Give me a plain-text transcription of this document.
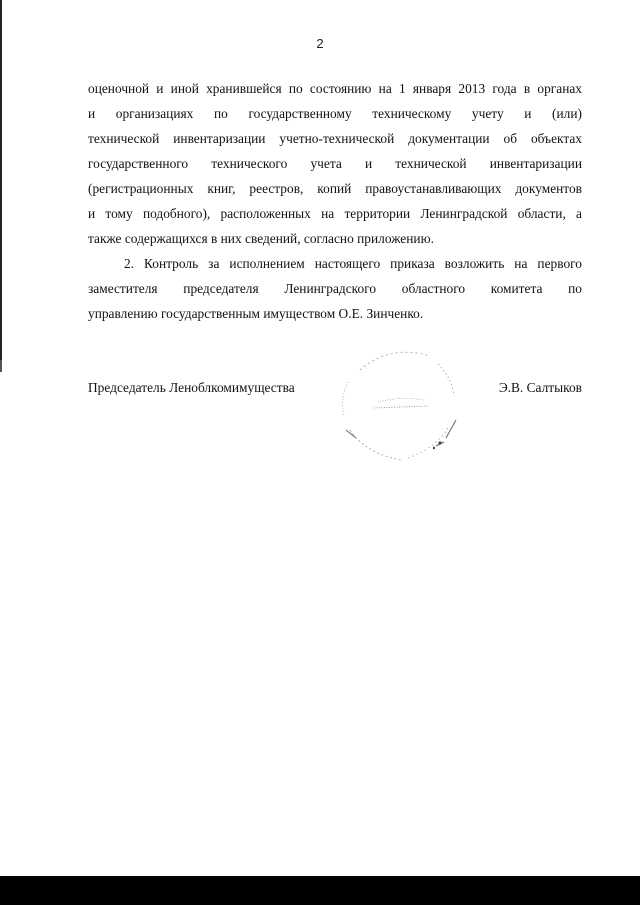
2
оценочной и иной хранившейся по состоянию на 1 января 2013 года в органах
и организациях по государственному техническому учету и (или)
технической инвентаризации учетно-технической документации об объектах
государственного технического учета и технической инвентаризации
(регистрационных книг, реестров, копий правоустанавливающих документов
и тому подобного), расположенных на территории Ленинградской области, а
также содержащихся в них сведений, согласно приложению.
2. Контроль за исполнением настоящего приказа возложить на первого
заместителя председателя Ленинградского областного комитета по
управлению государственным имуществом О.Е. Зинченко.
Председатель Леноблкомимущества	Э.В. Салтыков
